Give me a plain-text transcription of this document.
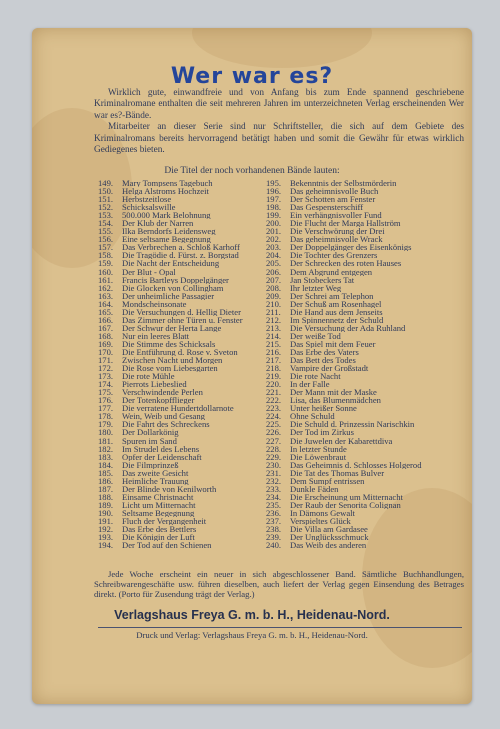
Wer war es?

Wirklich gute, einwandfreie und von Anfang bis zum Ende spannend geschriebene Kriminalromane enthalten die seit mehreren Jahren im unterzeichneten Verlag erscheinenden Wer war es?-Bände.

Mitarbeiter an dieser Serie sind nur Schriftsteller, die sich auf dem Gebiete des Kriminalromans bereits hervorragend betätigt haben und somit die Gewähr für etwas wirklich Gediegenes bieten.

Die Titel der noch vorhandenen Bände lauten:
149. Mary Tompsens Tagebuch
150. Helga Alstroms Hochzeit
151. Herbstzeitlose
152. Schicksalswille
153. 500.000 Mark Belohnung
154. Der Klub der Narren
155. Ilka Berndorfs Leidensweg
156. Eine seltsame Begegnung
157. Das Verbrechen a. Schloß Karhoff
158. Die Tragödie d. Fürst. z. Borgstad
159. Die Nacht der Entscheidung
160. Der Blut - Opal
161. Francis Bartleys Doppelgänger
162. Die Glocken von Collingham
163. Der unheimliche Passagier
164. Mondscheinsonate
165. Die Versuchungen d. Hellig Dieter
166. Das Zimmer ohne Türen u. Fenster
167. Der Schwur der Herta Lange
168. Nur ein leeres Blatt
169. Die Stimme des Schicksals
170. Die Entführung d. Rose v. Sveton
171. Zwischen Nacht und Morgen
172. Die Rose vom Liebesgarten
173. Die rote Mühle
174. Pierrots Liebeslied
175. Verschwindende Perlen
176. Der Totenkopfflieger
177. Die verratene Hundertdollarnote
178. Wein, Weib und Gesang
179. Die Fahrt des Schreckens
180. Der Dollarkönig
181. Spuren im Sand
182. Im Strudel des Lebens
183. Opfer der Leidenschaft
184. Die Filmprinzeß
185. Das zweite Gesicht
186. Heimliche Trauung
187. Der Blinde von Kenilworth
188. Einsame Christnacht
189. Licht um Mitternacht
190. Seltsame Begegnung
191. Fluch der Vergangenheit
192. Das Erbe des Bettlers
193. Die Königin der Luft
194. Der Tod auf den Schienen
195. Bekenntnis der Selbstmörderin
196. Das geheimnisvolle Buch
197. Der Schotten am Fenster
198. Das Gespensterschiff
199. Ein verhängnisvoller Fund
200. Die Flucht der Marga Hallström
201. Die Verschwörung der Drei
202. Das geheimnisvolle Wrack
203. Der Doppelgänger des Eisenkönigs
204. Die Tochter des Grenzers
205. Der Schrecken des roten Hauses
206. Dem Abgrund entgegen
207. Jan Stobeckers Tat
208. Ihr letzter Weg
209. Der Schrei am Telephon
210. Der Schuß am Rosenhagel
211. Die Hand aus dem Jenseits
212. Im Spinnennetz der Schuld
213. Die Versuchung der Ada Ruhland
214. Der weiße Tod
215. Das Spiel mit dem Feuer
216. Das Erbe des Vaters
217. Das Bett des Todes
218. Vampire der Großstadt
219. Die rote Nacht
220. In der Falle
221. Der Mann mit der Maske
222. Lisa, das Blumenmädchen
223. Unter heißer Sonne
224. Ohne Schuld
225. Die Schuld d. Prinzessin Narischkin
226. Der Tod im Zirkus
227. Die Juwelen der Kabarettdiva
228. In letzter Stunde
229. Die Löwenbraut
230. Das Geheimnis d. Schlosses Holgerod
231. Die Tat des Thomas Bulver
232. Dem Sumpf entrissen
233. Dunkle Fäden
234. Die Erscheinung um Mitternacht
235. Der Raub der Senorita Colignan
236. In Dämons Gewalt
237. Verspieltes Glück
238. Die Villa am Gardasee
239. Der Unglücksschmuck
240. Das Weib des anderen

Jede Woche erscheint ein neuer in sich abgeschlossener Band. Sämtliche Buchhandlungen, Schreibwarengeschäfte usw. führen dieselben, auch liefert der Verlag gegen Einsendung des Betrages direkt. (Porto für Zusendung trägt der Verlag.)

Verlagshaus Freya G. m. b. H., Heidenau-Nord.
Druck und Verlag: Verlagshaus Freya G. m. b. H., Heidenau-Nord.
